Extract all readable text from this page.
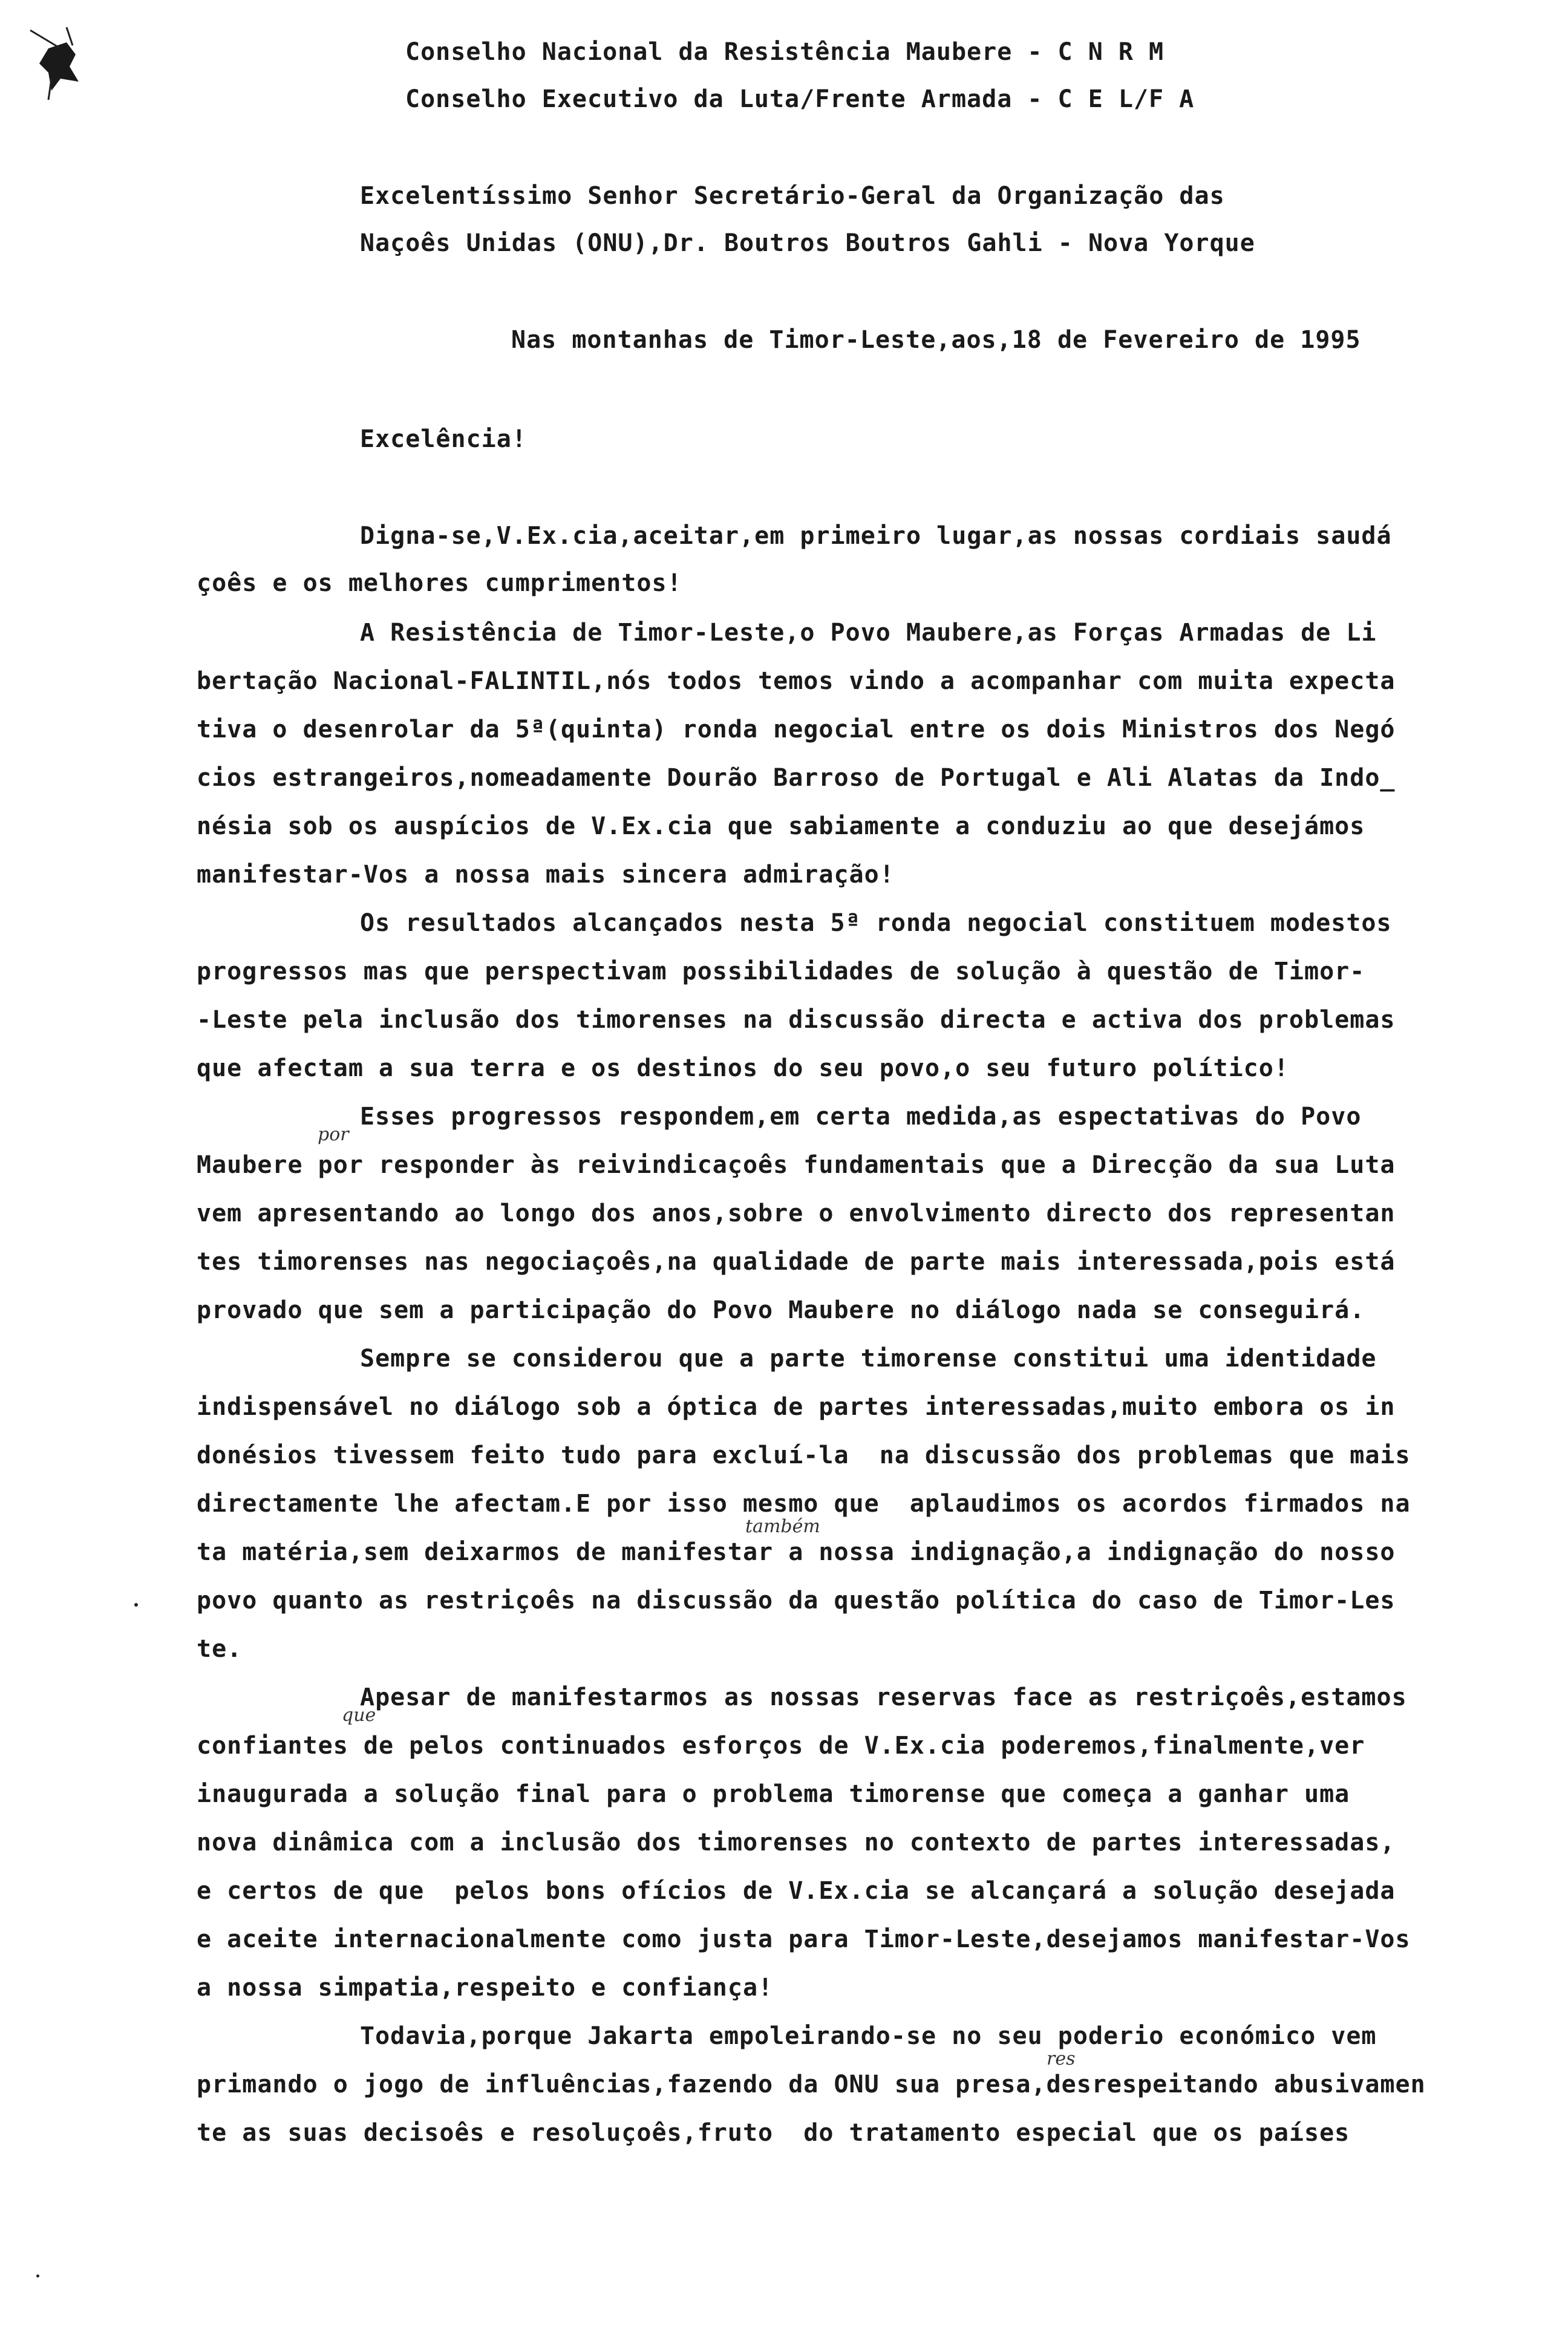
Conselho Nacional da Resistência Maubere - C N R M
Conselho Executivo da Luta/Frente Armada - C E L/F A
Excelentíssimo Senhor Secretário-Geral da Organização das
Naçoês Unidas (ONU),Dr. Boutros Boutros Gahli - Nova Yorque
Nas montanhas de Timor-Leste,aos,18 de Fevereiro de 1995
Excelência!
Digna-se,V.Ex.cia,aceitar,em primeiro lugar,as nossas cordiais saudá
çoês e os melhores cumprimentos!
A Resistência de Timor-Leste,o Povo Maubere,as Forças Armadas de Li
bertação Nacional-FALINTIL,nós todos temos vindo a acompanhar com muita expecta
tiva o desenrolar da 5ª(quinta) ronda negocial entre os dois Ministros dos Negó
cios estrangeiros,nomeadamente Dourão Barroso de Portugal e Ali Alatas da Indo_
nésia sob os auspícios de V.Ex.cia que sabiamente a conduziu ao que desejámos
manifestar-Vos a nossa mais sincera admiração!
Os resultados alcançados nesta 5ª ronda negocial constituem modestos
progressos mas que perspectivam possibilidades de solução à questão de Timor-
-Leste pela inclusão dos timorenses na discussão directa e activa dos problemas
que afectam a sua terra e os destinos do seu povo,o seu futuro político!
Esses progressos respondem,em certa medida,as espectativas do Povo
por
Maubere por responder às reivindicaçoês fundamentais que a Direcção da sua Luta
vem apresentando ao longo dos anos,sobre o envolvimento directo dos representan
tes timorenses nas negociaçoês,na qualidade de parte mais interessada,pois está
provado que sem a participação do Povo Maubere no diálogo nada se conseguirá.
Sempre se considerou que a parte timorense constitui uma identidade
indispensável no diálogo sob a óptica de partes interessadas,muito embora os in
donésios tivessem feito tudo para excluí-la  na discussão dos problemas que mais
directamente lhe afectam.E por isso mesmo que  aplaudimos os acordos firmados na
também
ta matéria,sem deixarmos de manifestar a nossa indignação,a indignação do nosso
povo quanto as restriçoês na discussão da questão política do caso de Timor-Les
te.
Apesar de manifestarmos as nossas reservas face as restriçoês,estamos
que
confiantes de pelos continuados esforços de V.Ex.cia poderemos,finalmente,ver
inaugurada a solução final para o problema timorense que começa a ganhar uma
nova dinâmica com a inclusão dos timorenses no contexto de partes interessadas,
e certos de que  pelos bons ofícios de V.Ex.cia se alcançará a solução desejada
e aceite internacionalmente como justa para Timor-Leste,desejamos manifestar-Vos
a nossa simpatia,respeito e confiança!
Todavia,porque Jakarta empoleirando-se no seu poderio económico vem
res
primando o jogo de influências,fazendo da ONU sua presa,desrespeitando abusivamen
te as suas decisoês e resoluçoês,fruto  do tratamento especial que os países
